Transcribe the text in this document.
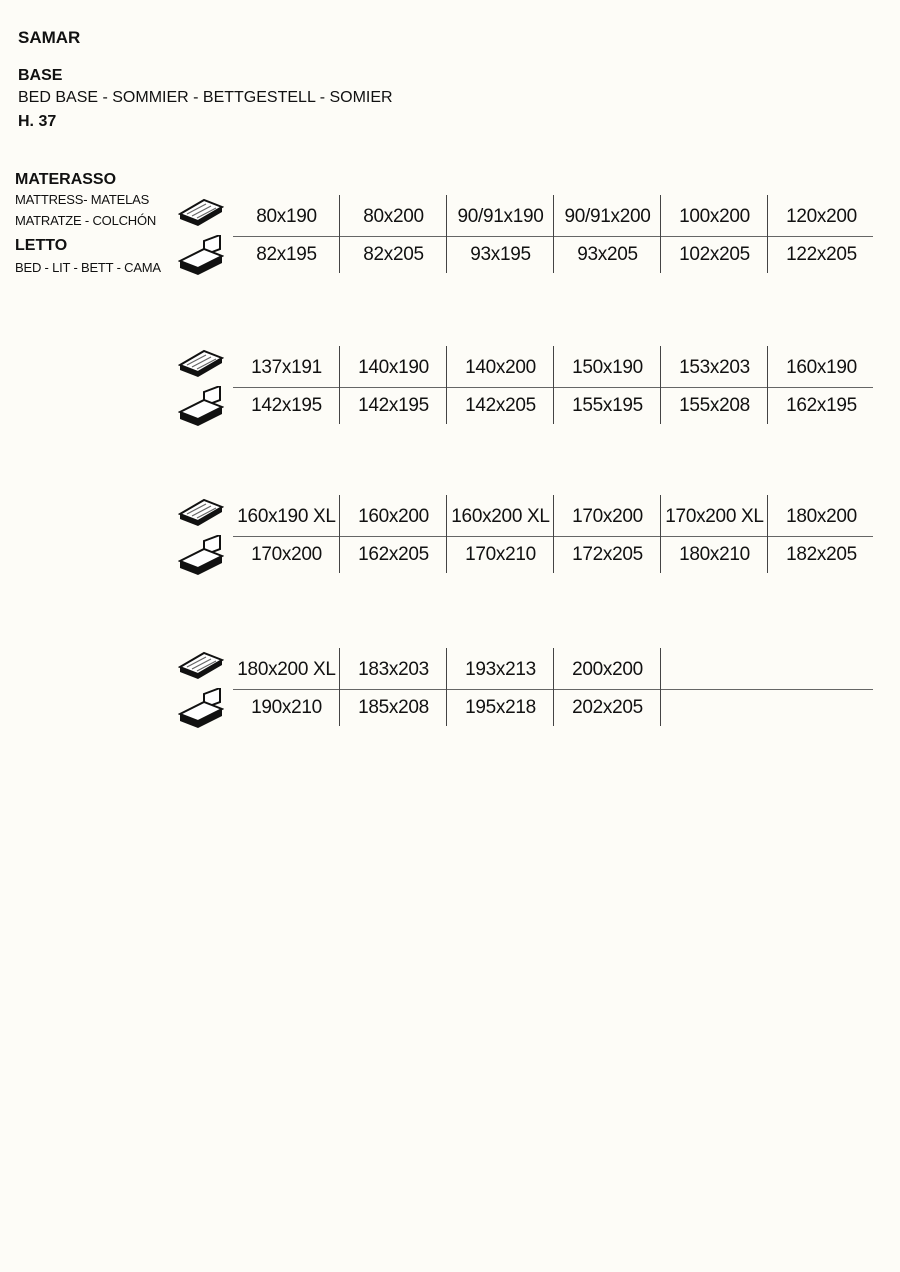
SAMAR
BASE
BED BASE - SOMMIER - BETTGESTELL - SOMIER
H. 37
MATERASSO
MATTRESS- MATELAS
MATRATZE - COLCHÓN
LETTO
BED - LIT - BETT - CAMA
80x190	80x200	90/91x190	90/91x200	100x200	120x200
82x195	82x205	93x195	93x205	102x205	122x205
137x191	140x190	140x200	150x190	153x203	160x190
142x195	142x195	142x205	155x195	155x208	162x195
160x190 XL	160x200	160x200 XL	170x200	170x200 XL	180x200
170x200	162x205	170x210	172x205	180x210	182x205
180x200 XL	183x203	193x213	200x200
190x210	185x208	195x218	202x205
